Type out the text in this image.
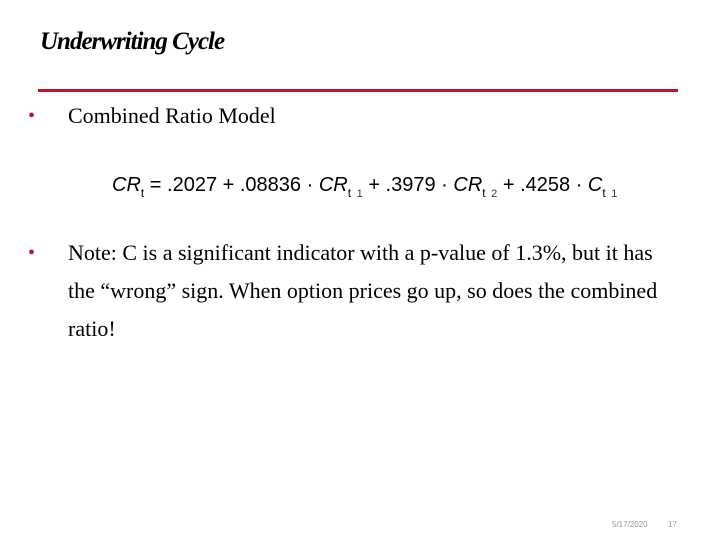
Underwriting Cycle
•	Combined Ratio Model
$CR_t = .2027 + .08836 \cdot CR_t$ $_1 + .3979 \cdot CR_t$ $_2 + .4258 \cdot C_t$ $_1$
•	Note: C is a significant indicator with a p-value of 1.3%, but it has the “wrong” sign. When option prices go up, so does the combined ratio!
5/17/2020	17
